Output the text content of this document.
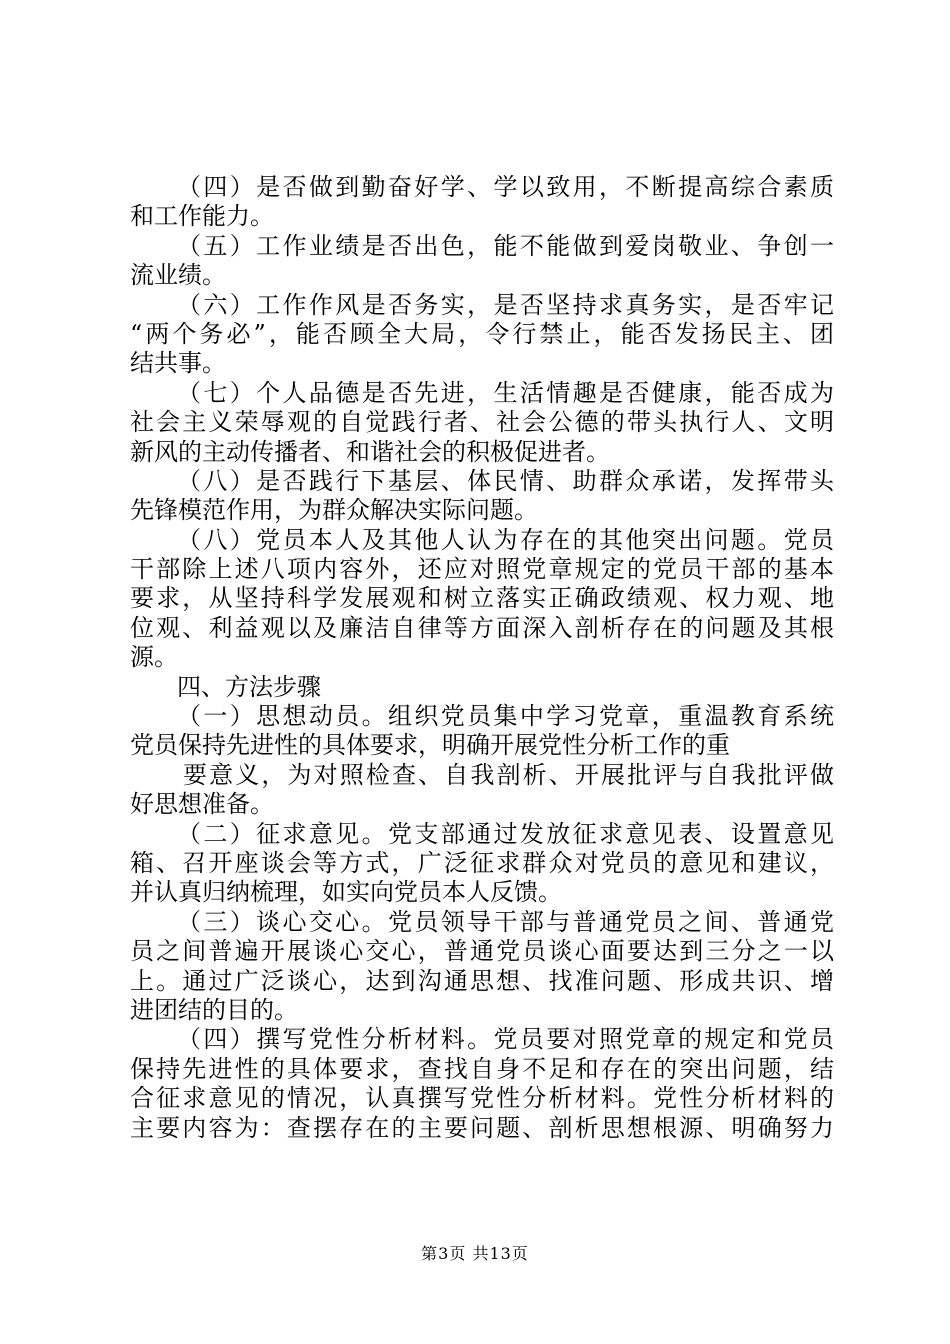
（四）是否做到勤奋好学、学以致用，不断提高综合素质
和工作能力。
（五）工作业绩是否出色，能不能做到爱岗敬业、争创一
流业绩。
（六）工作作风是否务实，是否坚持求真务实，是否牢记
“两个务必”，能否顾全大局，令行禁止，能否发扬民主、团
结共事。
（七）个人品德是否先进，生活情趣是否健康，能否成为
社会主义荣辱观的自觉践行者、社会公德的带头执行人、文明
新风的主动传播者、和谐社会的积极促进者。
（八）是否践行下基层、体民情、助群众承诺，发挥带头
先锋模范作用，为群众解决实际问题。
（八）党员本人及其他人认为存在的其他突出问题。党员
干部除上述八项内容外，还应对照党章规定的党员干部的基本
要求，从坚持科学发展观和树立落实正确政绩观、权力观、地
位观、利益观以及廉洁自律等方面深入剖析存在的问题及其根
源。
四、方法步骤
（一）思想动员。组织党员集中学习党章，重温教育系统
党员保持先进性的具体要求，明确开展党性分析工作的重
要意义，为对照检查、自我剖析、开展批评与自我批评做
好思想准备。
（二）征求意见。党支部通过发放征求意见表、设置意见
箱、召开座谈会等方式，广泛征求群众对党员的意见和建议，
并认真归纳梳理，如实向党员本人反馈。
（三）谈心交心。党员领导干部与普通党员之间、普通党
员之间普遍开展谈心交心，普通党员谈心面要达到三分之一以
上。通过广泛谈心，达到沟通思想、找准问题、形成共识、增
进团结的目的。
（四）撰写党性分析材料。党员要对照党章的规定和党员
保持先进性的具体要求，查找自身不足和存在的突出问题，结
合征求意见的情况，认真撰写党性分析材料。党性分析材料的
主要内容为：查摆存在的主要问题、剖析思想根源、明确努力
第3页 共13页
